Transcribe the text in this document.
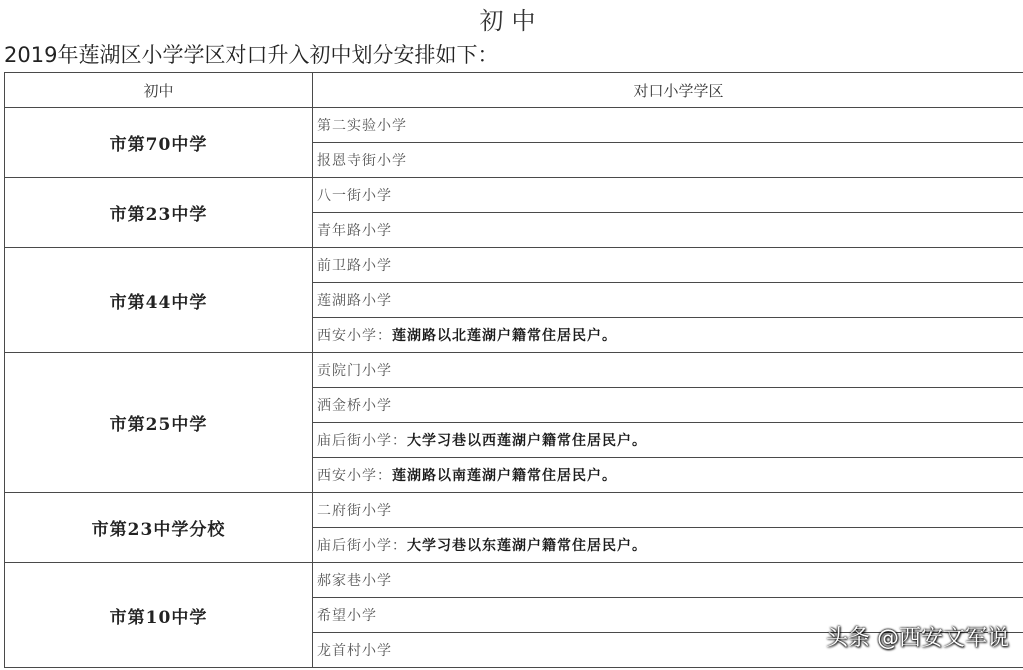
初中
2019年莲湖区小学学区对口升入初中划分安排如下：
初中	对口小学学区
市第70中学	第二实验小学
	报恩寺街小学
市第23中学	八一街小学
	青年路小学
市第44中学	前卫路小学
	莲湖路小学
	西安小学：莲湖路以北莲湖户籍常住居民户。
市第25中学	贡院门小学
	洒金桥小学
	庙后街小学：大学习巷以西莲湖户籍常住居民户。
	西安小学：莲湖路以南莲湖户籍常住居民户。
市第23中学分校	二府街小学
	庙后街小学：大学习巷以东莲湖户籍常住居民户。
市第10中学	郝家巷小学
	希望小学
	龙首村小学	头条 @西安文军说
